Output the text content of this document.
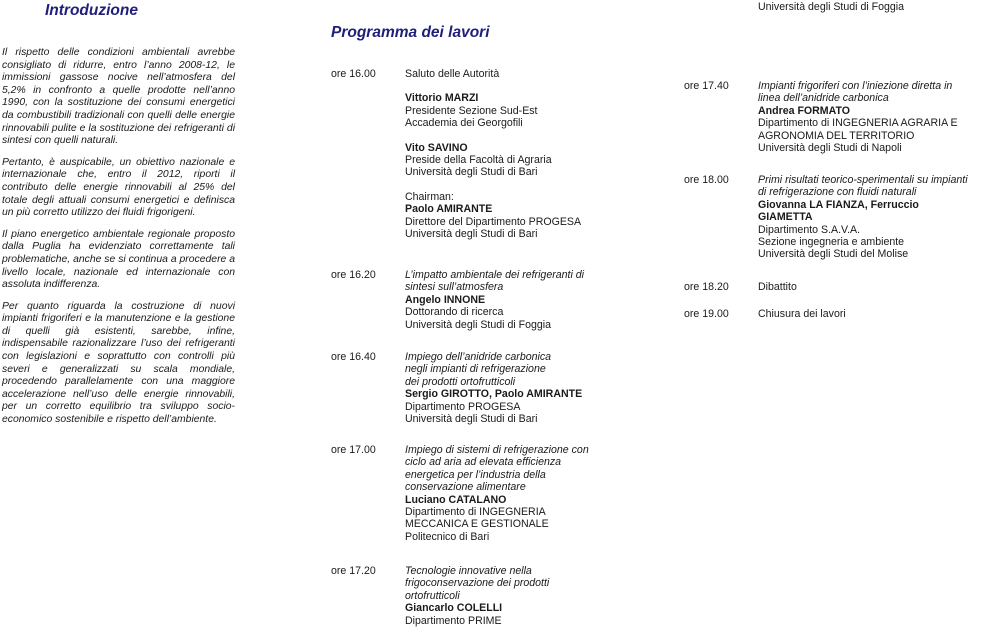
Introduzione

Il rispetto delle condizioni ambientali avrebbe consigliato di ridurre, entro l’anno 2008-12, le immissioni gassose nocive nell’atmosfera del 5,2% in confronto a quelle prodotte nell’anno 1990, con la sostituzione dei consumi energetici da combustibili tradizionali con quelli delle energie rinnovabili pulite e la sostituzione dei refrigeranti di sintesi con quelli naturali.

Pertanto, è auspicabile, un obiettivo nazionale e internazionale che, entro il 2012, riporti il contributo delle energie rinnovabili al 25% del totale degli attuali consumi energetici e definisca un più corretto utilizzo dei fluidi frigorigeni.

Il piano energetico ambientale regionale proposto dalla Puglia ha evidenziato correttamente tali problematiche, anche se si continua a procedere a livello locale, nazionale ed internazionale con assoluta indifferenza.

Per quanto riguarda la costruzione di nuovi impianti frigoriferi e la manutenzione e la gestione di quelli già esistenti, sarebbe, infine, indispensabile razionalizzare l’uso dei refrigeranti con legislazioni e soprattutto con controlli più severi e generalizzati su scala mondiale, procedendo parallelamente con una maggiore accelerazione nell’uso delle energie rinnovabili, per un corretto equilibrio tra sviluppo socio-economico sostenibile e rispetto dell’ambiente.

Programma dei lavori
ore 16.00	Saluto delle Autorità
Vittorio MARZI
Presidente Sezione Sud-Est
Accademia dei Georgofili
Vito SAVINO
Preside della Facoltà di Agraria
Università degli Studi di Bari
Chairman:
Paolo AMIRANTE
Direttore del Dipartimento PROGESA
Università degli Studi di Bari
ore 16.20	L’impatto ambientale dei refrigeranti di
sintesi sull’atmosfera
Angelo INNONE
Dottorando di ricerca
Università degli Studi di Foggia
ore 16.40	Impiego dell’anidride carbonica
negli impianti di refrigerazione
dei prodotti ortofrutticoli
Sergio GIROTTO, Paolo AMIRANTE
Dipartimento PROGESA
Università degli Studi di Bari
ore 17.00	Impiego di sistemi di refrigerazione con
ciclo ad aria ad elevata efficienza
energetica per l’industria della
conservazione alimentare
Luciano CATALANO
Dipartimento di INGEGNERIA
MECCANICA E GESTIONALE
Politecnico di Bari
ore 17.20	Tecnologie innovative nella
frigoconservazione dei prodotti
ortofrutticoli
Giancarlo COLELLI
Dipartimento PRIME
Università degli Studi di Foggia
ore 17.40	Impianti frigoriferi con l’iniezione diretta in
linea dell’anidride carbonica
Andrea FORMATO
Dipartimento di INGEGNERIA AGRARIA E
AGRONOMIA DEL TERRITORIO
Università degli Studi di Napoli
ore 18.00	Primi risultati teorico-sperimentali su impianti
di refrigerazione con fluidi naturali
Giovanna LA FIANZA, Ferruccio
GIAMETTA
Dipartimento S.A.V.A.
Sezione ingegneria e ambiente
Università degli Studi del Molise
ore 18.20	Dibattito
ore 19.00	Chiusura dei lavori
